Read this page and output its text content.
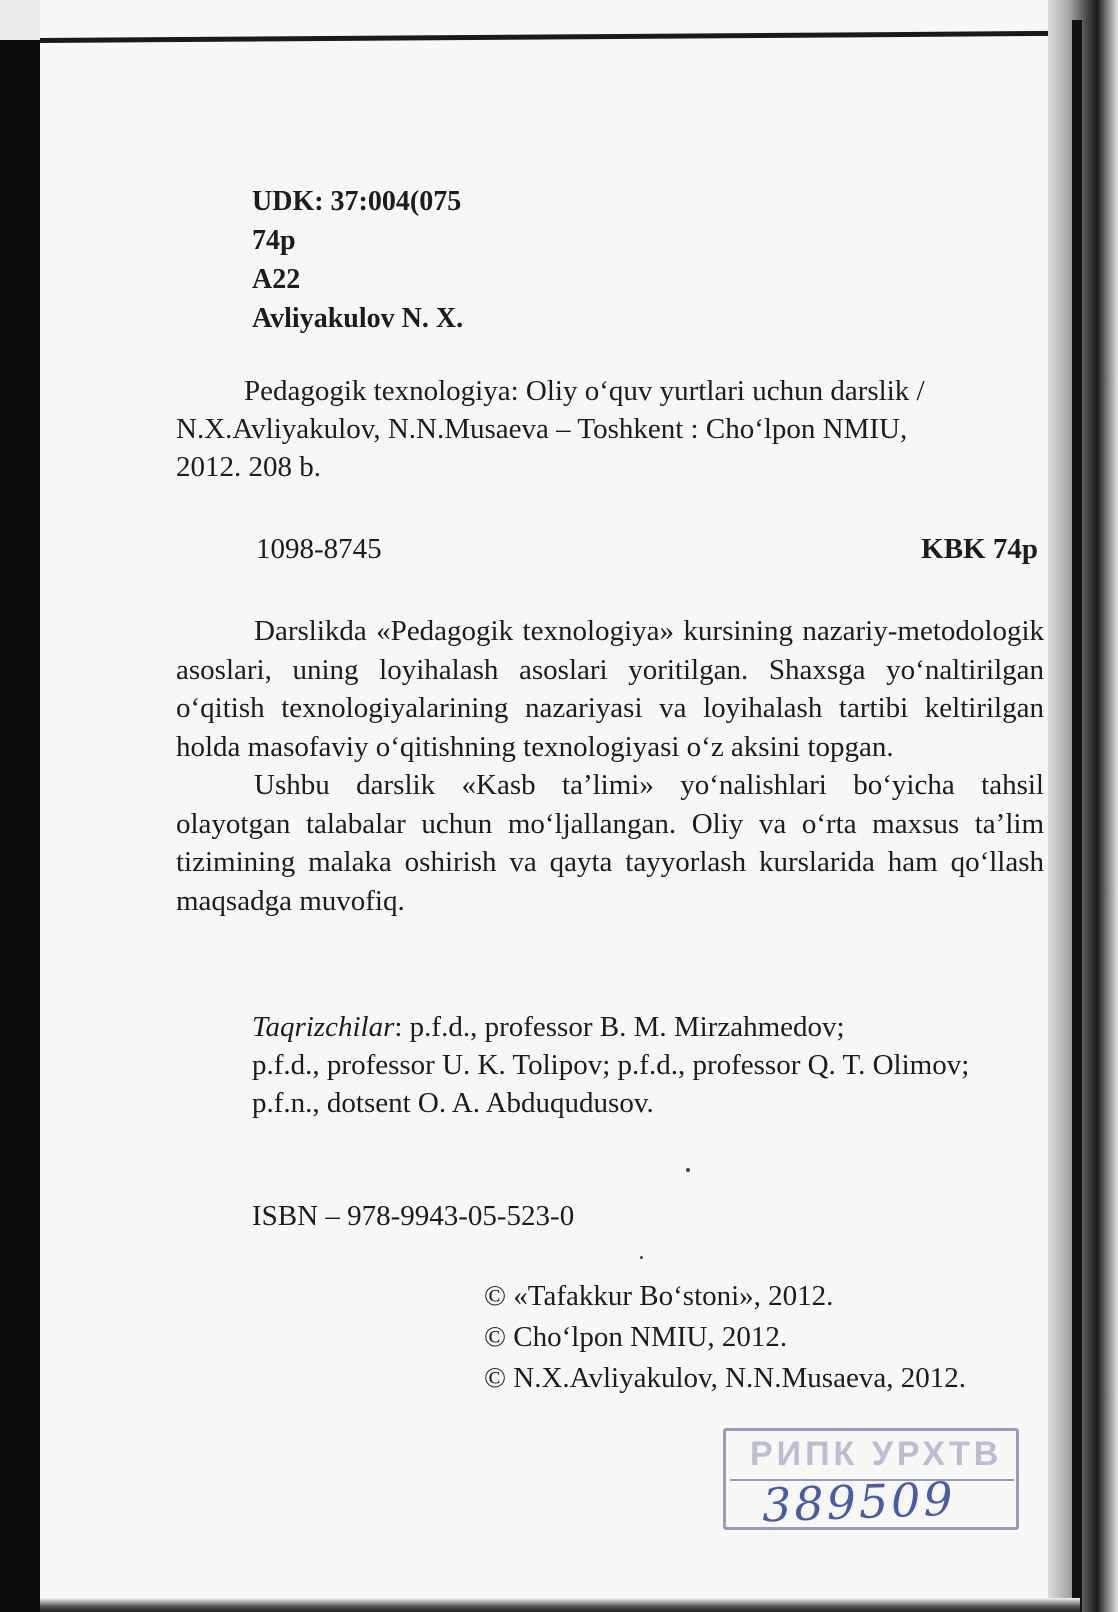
UDK: 37:004(075
74p
A22
Avliyakulov N. X.
Pedagogik texnologiya: Oliy o‘quv yurtlari uchun darslik /
N.X.Avliyakulov, N.N.Musaeva – Toshkent : Cho‘lpon NMIU,
2012. 208 b.
1098-8745	KBK 74p

Darslikda «Pedagogik texnologiya» kursining nazariy-metodologik asoslari, uning loyihalash asoslari yoritilgan. Shaxsga yo‘naltirilgan o‘qitish texnologiyalarining nazariyasi va loyihalash tartibi keltirilgan holda masofaviy o‘qitishning texnologiyasi o‘z aksini topgan.

Ushbu darslik «Kasb ta’limi» yo‘nalishlari bo‘yicha tahsil olayotgan talabalar uchun mo‘ljallangan. Oliy va o‘rta maxsus ta’lim tizimining malaka oshirish va qayta tayyorlash kurslarida ham qo‘llash maqsadga muvofiq.

Taqrizchilar: p.f.d., professor B. M. Mirzahmedov;
p.f.d., professor U. K. Tolipov; p.f.d., professor Q. T. Olimov;
p.f.n., dotsent O. A. Abduqudusov.
ISBN – 978-9943-05-523-0
© «Tafakkur Bo‘stoni», 2012.
© Cho‘lpon NMIU, 2012.
© N.X.Avliyakulov, N.N.Musaeva, 2012.
РИПК УРХТВ
389509
